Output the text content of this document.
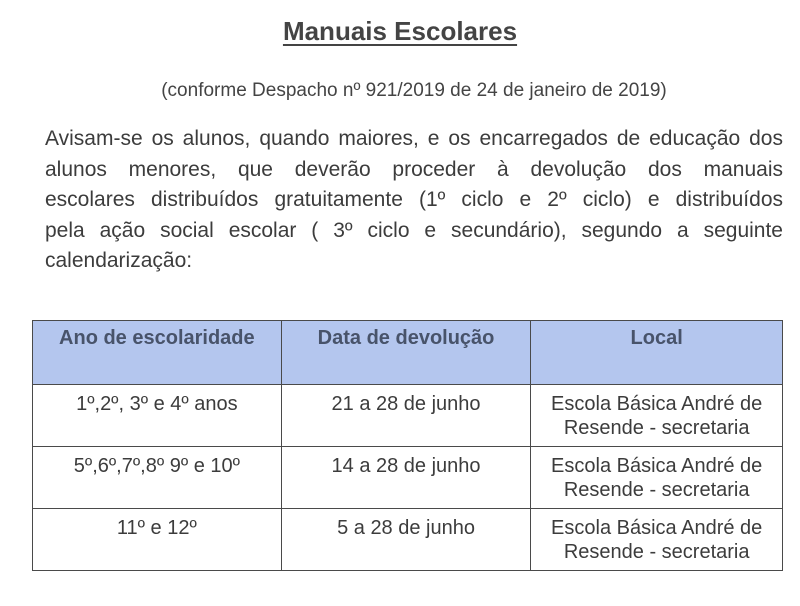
Manuais Escolares
(conforme Despacho nº 921/2019 de 24 de janeiro de 2019)
Avisam-se os alunos, quando maiores, e os encarregados de educação dos
alunos menores, que deverão proceder à devolução dos manuais
escolares distribuídos gratuitamente (1º ciclo e 2º ciclo) e distribuídos
pela ação social escolar ( 3º ciclo e secundário), segundo a seguinte
calendarização:
Ano de escolaridade	Data de devolução	Local
1º,2º, 3º e 4º anos	21 a 28 de junho	Escola Básica André de
Resende - secretaria

5º,6º,7º,8º 9º e 10º	14 a 28 de junho	Escola Básica André de
Resende - secretaria

11º e 12º	5 a 28 de junho	Escola Básica André de
Resende - secretaria
